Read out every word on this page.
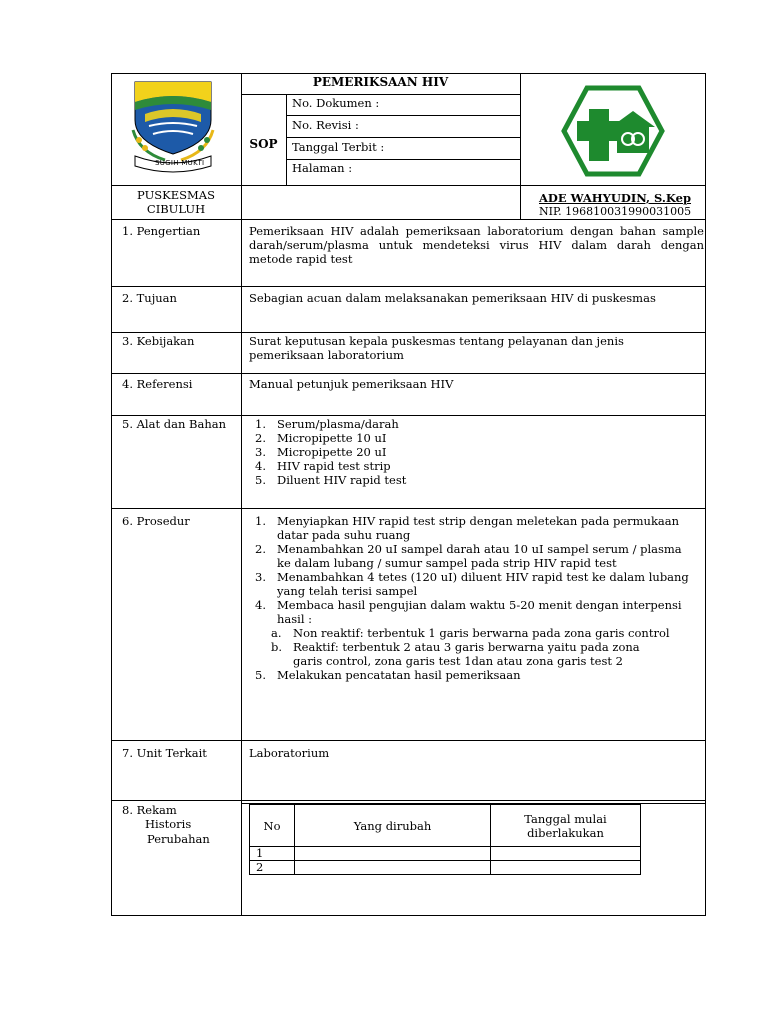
SUGIH MUKTI
PEMERIKSAAN HIV
SOP
No. Dokumen :
No. Revisi :
Tanggal Terbit :
Halaman :
PUSKESMAS
CIBULUH
ADE WAHYUDIN, S.Kep
NIP. 196810031990031005
1. Pengertian	Pemeriksaan HIV adalah pemeriksaan laboratorium dengan bahan sample darah/serum/plasma untuk mendeteksi virus HIV dalam darah dengan metode rapid test
2. Tujuan	Sebagian acuan dalam melaksanakan pemeriksaan HIV di puskesmas
3. Kebijakan	Surat keputusan kepala puskesmas tentang pelayanan dan jenis
pemeriksaan laboratorium
4. Referensi	Manual petunjuk pemeriksaan HIV
5. Alat dan Bahan	1. Serum/plasma/darah
2. Micropipette 10 uI
3. Micropipette 20 uI
4. HIV rapid test strip
5. Diluent HIV rapid test
6. Prosedur	1. Menyiapkan HIV rapid test strip dengan meletekan pada permukaan
datar pada suhu ruang
2. Menambahkan 20 uI sampel darah atau 10 uI sampel serum / plasma
ke dalam lubang / sumur sampel pada strip HIV rapid test
3. Menambahkan 4 tetes (120 uI) diluent HIV rapid test ke dalam lubang
yang telah terisi sampel
4. Membaca hasil pengujian dalam waktu 5-20 menit dengan interpensi
hasil :
a. Non reaktif: terbentuk 1 garis berwarna pada zona garis control
b. Reaktif: terbentuk 2 atau 3 garis berwarna yaitu pada zona
garis control, zona garis test 1dan atau zona garis test 2
5. Melakukan pencatatan hasil pemeriksaan
7. Unit Terkait	Laboratorium
8. Rekam
Historis
Perubahan
No	Yang dirubah	Tanggal mulai
diberlakukan
1		
2		
